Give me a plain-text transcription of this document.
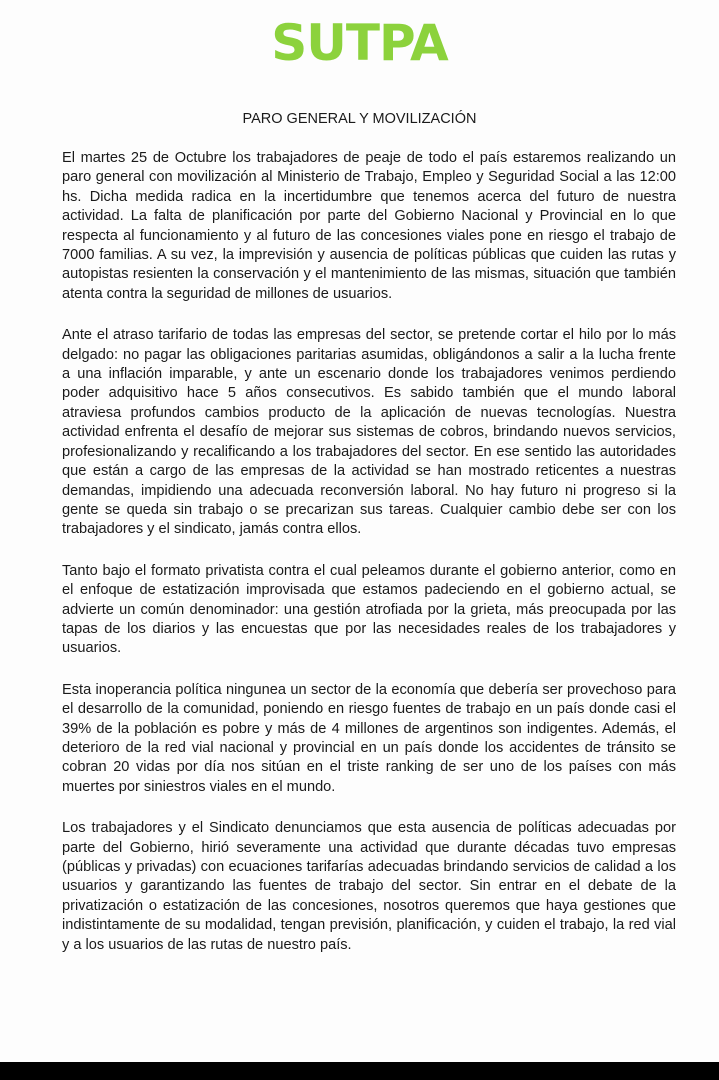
SUTPA
PARO GENERAL Y MOVILIZACIÓN

El martes 25 de Octubre los trabajadores de peaje de todo el país estaremos realizando un paro general con movilización al Ministerio de Trabajo, Empleo y Seguridad Social a las 12:00 hs. Dicha medida radica en la incertidumbre que tenemos acerca del futuro de nuestra actividad. La falta de planificación por parte del Gobierno Nacional y Provincial en lo que respecta al funcionamiento y al futuro de las concesiones viales pone en riesgo el trabajo de 7000 familias. A su vez, la imprevisión y ausencia de políticas públicas que cuiden las rutas y autopistas resienten la conservación y el mantenimiento de las mismas, situación que también atenta contra la seguridad de millones de usuarios.

Ante el atraso tarifario de todas las empresas del sector, se pretende cortar el hilo por lo más delgado: no pagar las obligaciones paritarias asumidas, obligándonos a salir a la lucha frente a una inflación imparable, y ante un escenario donde los trabajadores venimos perdiendo poder adquisitivo hace 5 años consecutivos. Es sabido también que el mundo laboral atraviesa profundos cambios producto de la aplicación de nuevas tecnologías. Nuestra actividad enfrenta el desafío de mejorar sus sistemas de cobros, brindando nuevos servicios, profesionalizando y recalificando a los trabajadores del sector. En ese sentido las autoridades que están a cargo de las empresas de la actividad se han mostrado reticentes a nuestras demandas, impidiendo una adecuada reconversión laboral. No hay futuro ni progreso si la gente se queda sin trabajo o se precarizan sus tareas. Cualquier cambio debe ser con los trabajadores y el sindicato, jamás contra ellos.

Tanto bajo el formato privatista contra el cual peleamos durante el gobierno anterior, como en el enfoque de estatización improvisada que estamos padeciendo en el gobierno actual, se advierte un común denominador: una gestión atrofiada por la grieta, más preocupada por las tapas de los diarios y las encuestas que por las necesidades reales de los trabajadores y usuarios.

Esta inoperancia política ningunea un sector de la economía que debería ser provechoso para el desarrollo de la comunidad, poniendo en riesgo fuentes de trabajo en un país donde casi el 39% de la población es pobre y más de 4 millones de argentinos son indigentes. Además, el deterioro de la red vial nacional y provincial en un país donde los accidentes de tránsito se cobran 20 vidas por día nos sitúan en el triste ranking de ser uno de los países con más muertes por siniestros viales en el mundo.

Los trabajadores y el Sindicato denunciamos que esta ausencia de políticas adecuadas por parte del Gobierno, hirió severamente una actividad que durante décadas tuvo empresas (públicas y privadas) con ecuaciones tarifarías adecuadas brindando servicios de calidad a los usuarios y garantizando las fuentes de trabajo del sector. Sin entrar en el debate de la privatización o estatización de las concesiones, nosotros queremos que haya gestiones que indistintamente de su modalidad, tengan previsión, planificación, y cuiden el trabajo, la red vial y a los usuarios de las rutas de nuestro país.
